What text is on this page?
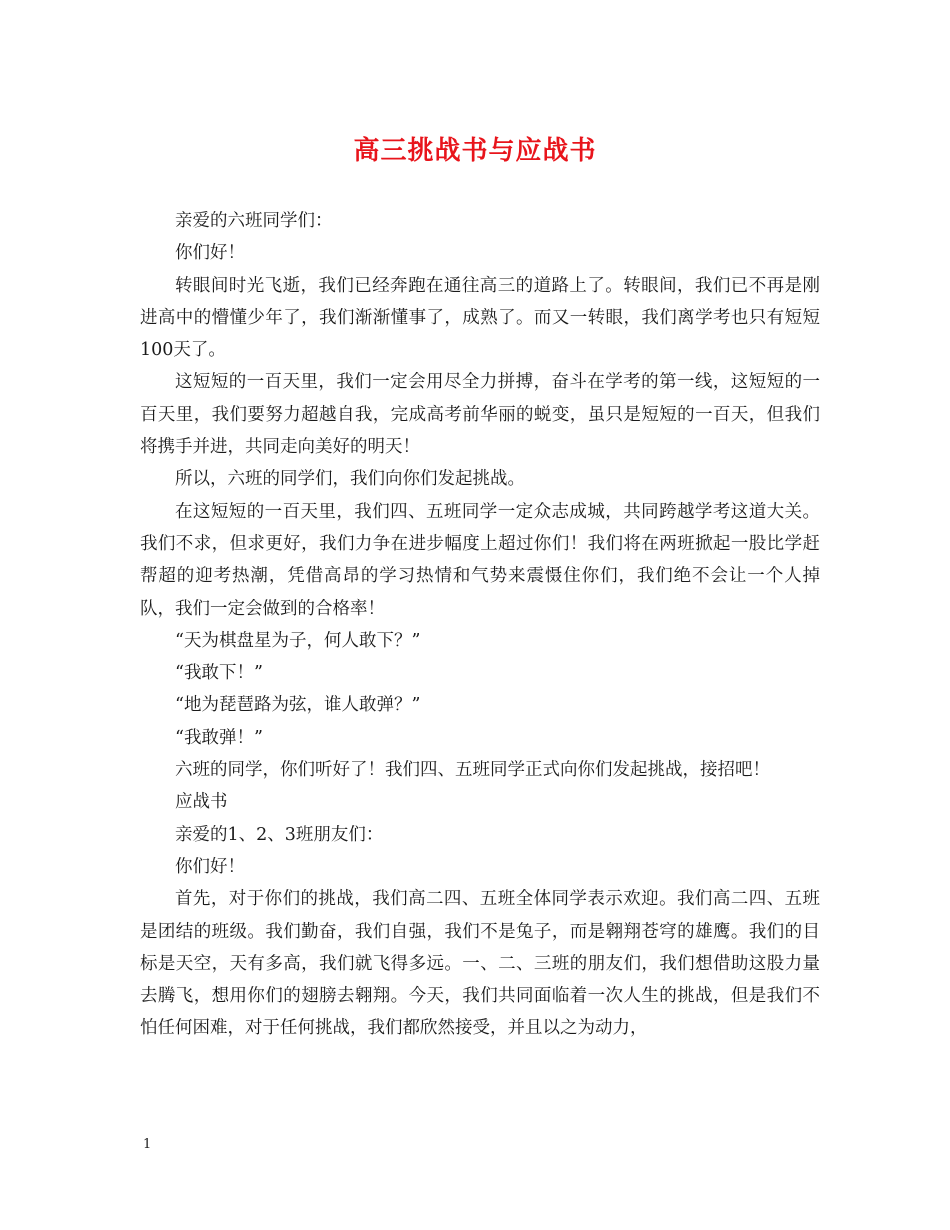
高三挑战书与应战书

亲爱的六班同学们：

你们好！

转眼间时光飞逝，我们已经奔跑在通往高三的道路上了。转眼间，我们已不再是刚进高中的懵懂少年了，我们渐渐懂事了，成熟了。而又一转眼，我们离学考也只有短短100天了。

这短短的一百天里，我们一定会用尽全力拼搏，奋斗在学考的第一线，这短短的一百天里，我们要努力超越自我，完成高考前华丽的蜕变，虽只是短短的一百天，但我们将携手并进，共同走向美好的明天！

所以，六班的同学们，我们向你们发起挑战。

在这短短的一百天里，我们四、五班同学一定众志成城，共同跨越学考这道大关。我们不求，但求更好，我们力争在进步幅度上超过你们！我们将在两班掀起一股比学赶帮超的迎考热潮，凭借高昂的学习热情和气势来震慑住你们，我们绝不会让一个人掉队，我们一定会做到的合格率！

“天为棋盘星为子，何人敢下？”

“我敢下！”

“地为琵琶路为弦，谁人敢弹？”

“我敢弹！”

六班的同学，你们听好了！我们四、五班同学正式向你们发起挑战，接招吧！

应战书

亲爱的1、2、3班朋友们：

你们好！

首先，对于你们的挑战，我们高二四、五班全体同学表示欢迎。我们高二四、五班是团结的班级。我们勤奋，我们自强，我们不是兔子，而是翱翔苍穹的雄鹰。我们的目标是天空，天有多高，我们就飞得多远。一、二、三班的朋友们，我们想借助这股力量去腾飞，想用你们的翅膀去翱翔。今天，我们共同面临着一次人生的挑战，但是我们不怕任何困难，对于任何挑战，我们都欣然接受，并且以之为动力，

1
